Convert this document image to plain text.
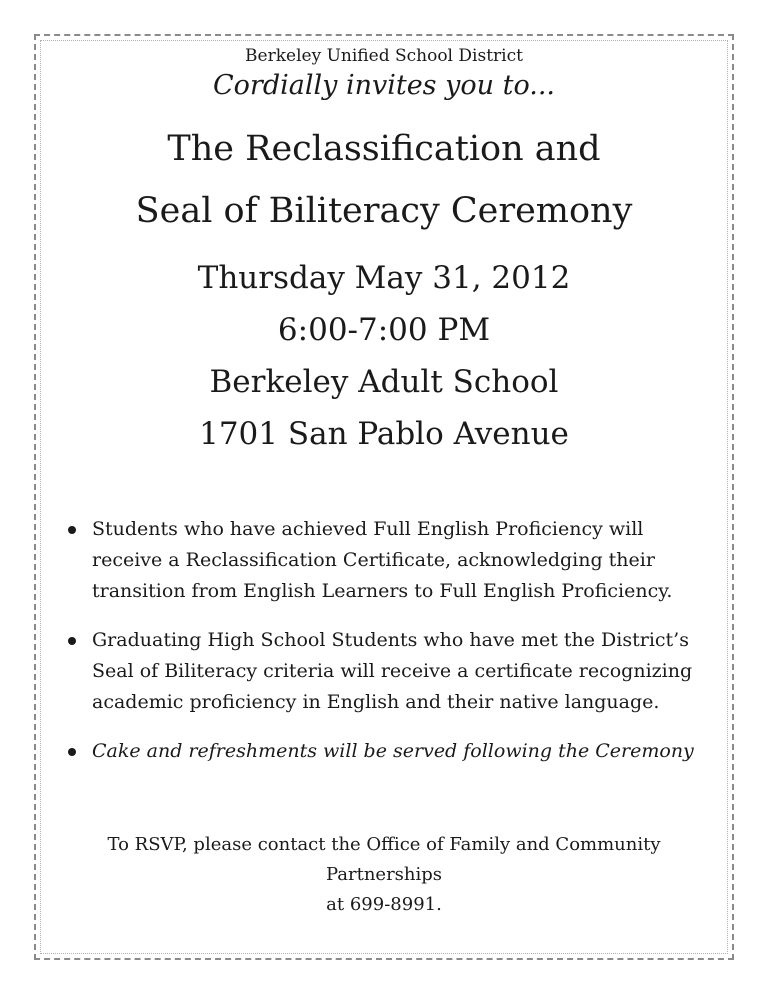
Berkeley Unified School District

Cordially invites you to...

The Reclassification and

Seal of Biliteracy Ceremony

Thursday May 31, 2012

6:00-7:00 PM

Berkeley Adult School

1701 San Pablo Avenue

Students who have achieved Full English Proficiency will receive a Reclassification Certificate, acknowledging their transition from English Learners to Full English Proficiency.
Graduating High School Students who have met the District’s Seal of Biliteracy criteria will receive a certificate recognizing academic proficiency in English and their native language.
Cake and refreshments will be served following the Ceremony
To RSVP, please contact the Office of Family and Community Partnerships
at 699-8991.
